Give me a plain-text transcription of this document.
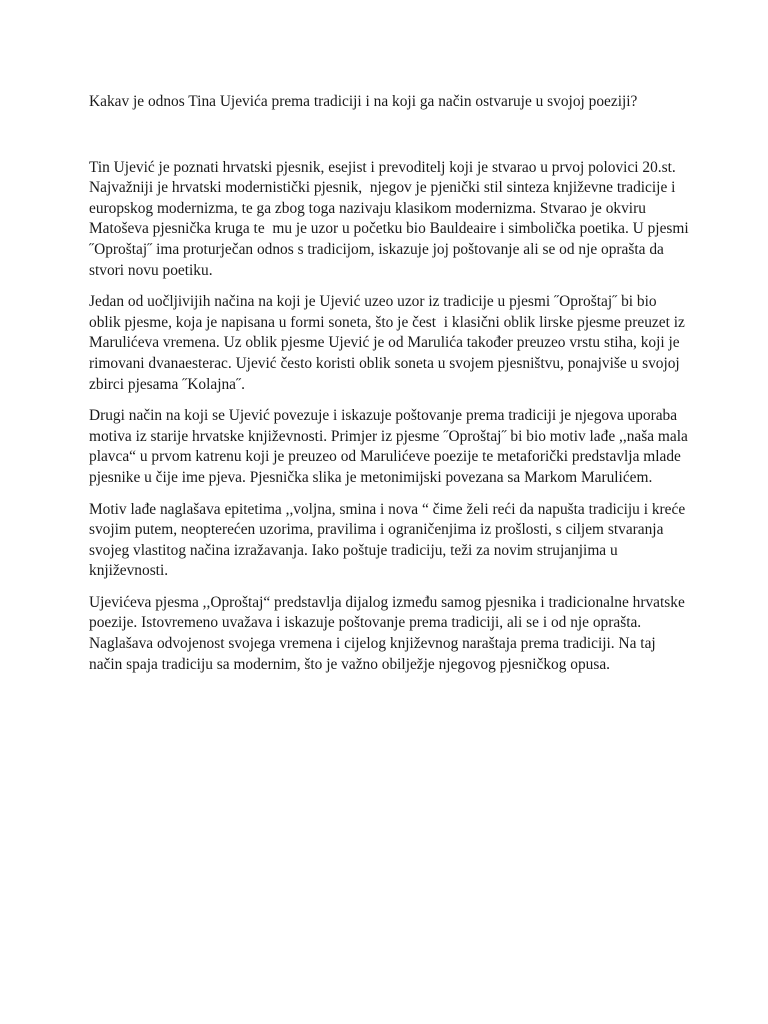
Kakav je odnos Tina Ujevića prema tradiciji i na koji ga način ostvaruje u svojoj poeziji?

Tin Ujević je poznati hrvatski pjesnik, esejist i prevoditelj koji je stvarao u prvoj polovici 20.st.
Najvažniji je hrvatski modernistički pjesnik,  njegov je pjenički stil sinteza književne tradicije i
europskog modernizma, te ga zbog toga nazivaju klasikom modernizma. Stvarao je okviru
Matoševa pjesnička kruga te  mu je uzor u početku bio Bauldeaire i simbolička poetika. U pjesmi
˝Oproštaj˝ ima proturječan odnos s tradicijom, iskazuje joj poštovanje ali se od nje opraštа da
stvori novu poetiku.

Jedan od uočljivijih načina na koji je Ujević uzeo uzor iz tradicije u pjesmi ˝Oproštaj˝ bi bio
oblik pjesme, koja je napisana u formi soneta, što je čest  i klasični oblik lirske pjesme preuzet iz
Marulićeva vremena. Uz oblik pjesme Ujević je od Marulića također preuzeo vrstu stiha, koji je
rimovani dvanaesterac. Ujević često koristi oblik soneta u svojem pjesništvu, ponajviše u svojoj
zbirci pjesama ˝Kolajna˝.

Drugi način na koji se Ujević povezuje i iskazuje poštovanje prema tradiciji je njegova uporaba
motiva iz starije hrvatske književnosti. Primjer iz pjesme ˝Oproštaj˝ bi bio motiv lađe ,,naša mala
plavca“ u prvom katrenu koji je preuzeo od Marulićeve poezije te metaforički predstavlja mlade
pjesnike u čije ime pjeva. Pjesnička slika je metonimijski povezana sa Markom Marulićem.

Motiv lađe naglašava epitetima ,,voljna, smina i nova “ čime želi reći da napušta tradiciju i kreće
svojim putem, neopterećen uzorima, pravilima i ograničenjima iz prošlosti, s ciljem stvaranja
svojeg vlastitog načina izražavanja. Iako poštuje tradiciju, teži za novim strujanjima u
književnosti.

Ujevićeva pjesma ,,Oproštaj“ predstavlja dijalog između samog pjesnika i tradicionalne hrvatske
poezije. Istovremeno uvažava i iskazuje poštovanje prema tradiciji, ali se i od nje opraštа.
Naglašava odvojenost svojega vremena i cijelog književnog naraštaja prema tradiciji. Na taj
način spaja tradiciju sa modernim, što je važno obilježje njegovog pjesničkog opusa.
